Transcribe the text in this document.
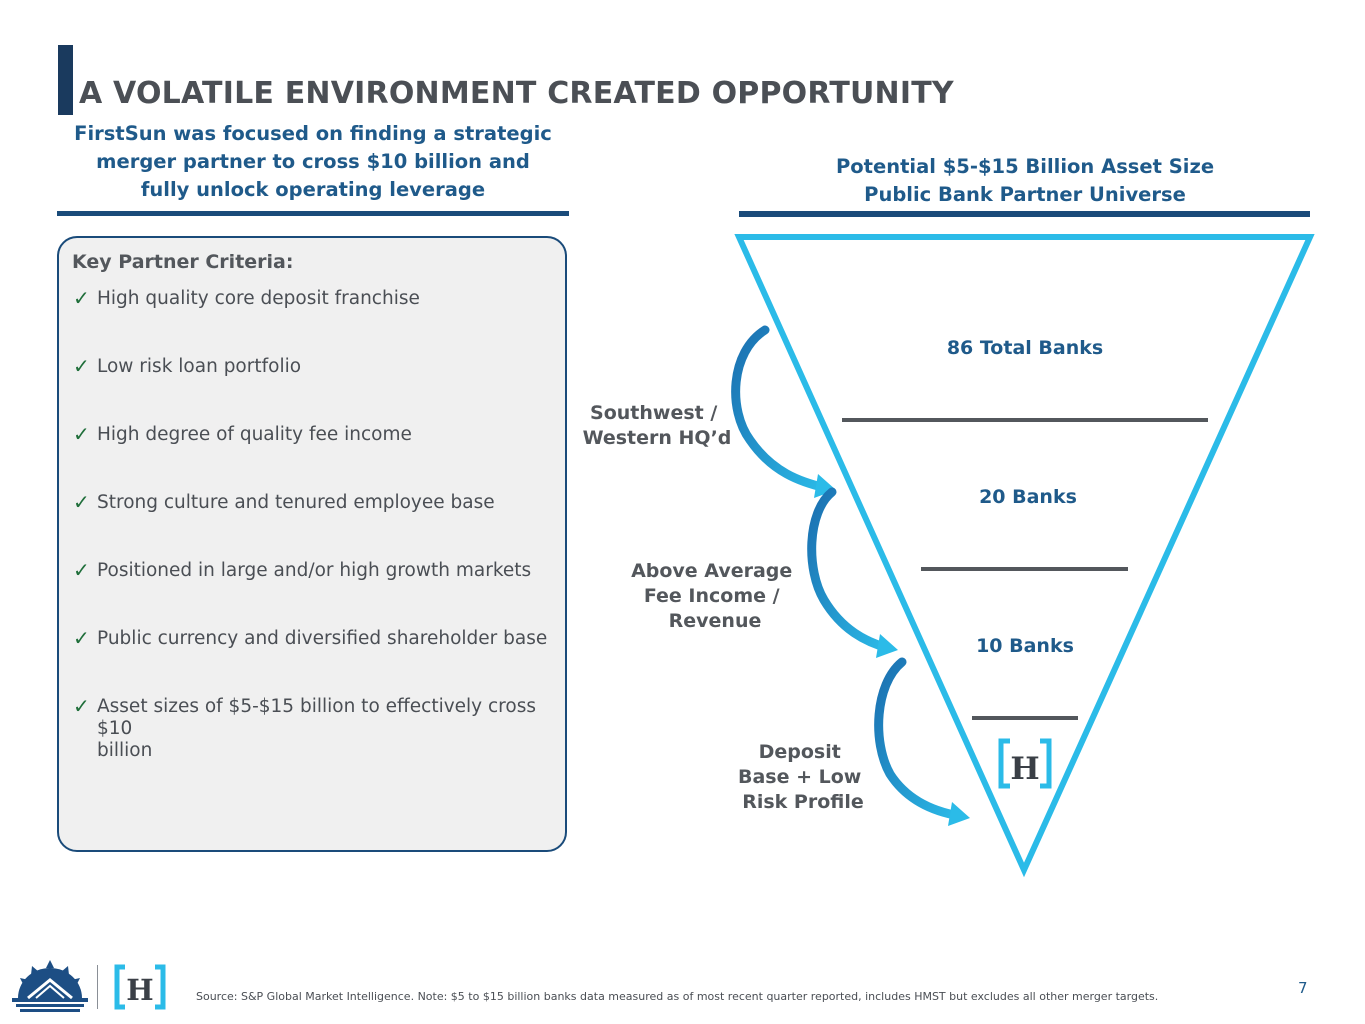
A VOLATILE ENVIRONMENT CREATED OPPORTUNITY
FirstSun was focused on finding a strategic
merger partner to cross $10 billion and
fully unlock operating leverage
Potential $5-$15 Billion Asset Size
Public Bank Partner Universe
Key Partner Criteria:
✓ High quality core deposit franchise
✓ Low risk loan portfolio
✓ High degree of quality fee income
✓ Strong culture and tenured employee base
✓ Positioned in large and/or high growth markets
✓ Public currency and diversified shareholder base
✓ Asset sizes of $5-$15 billion to effectively cross $10
billion
86 Total Banks
20 Banks
10 Banks
H
Southwest / Western HQ’d
Above Average Fee Income / Revenue
Deposit Base + Low Risk Profile
H	Source: S&P Global Market Intelligence. Note: $5 to $15 billion banks data measured as of most recent quarter reported, includes HMST but excludes all other merger targets.	7
